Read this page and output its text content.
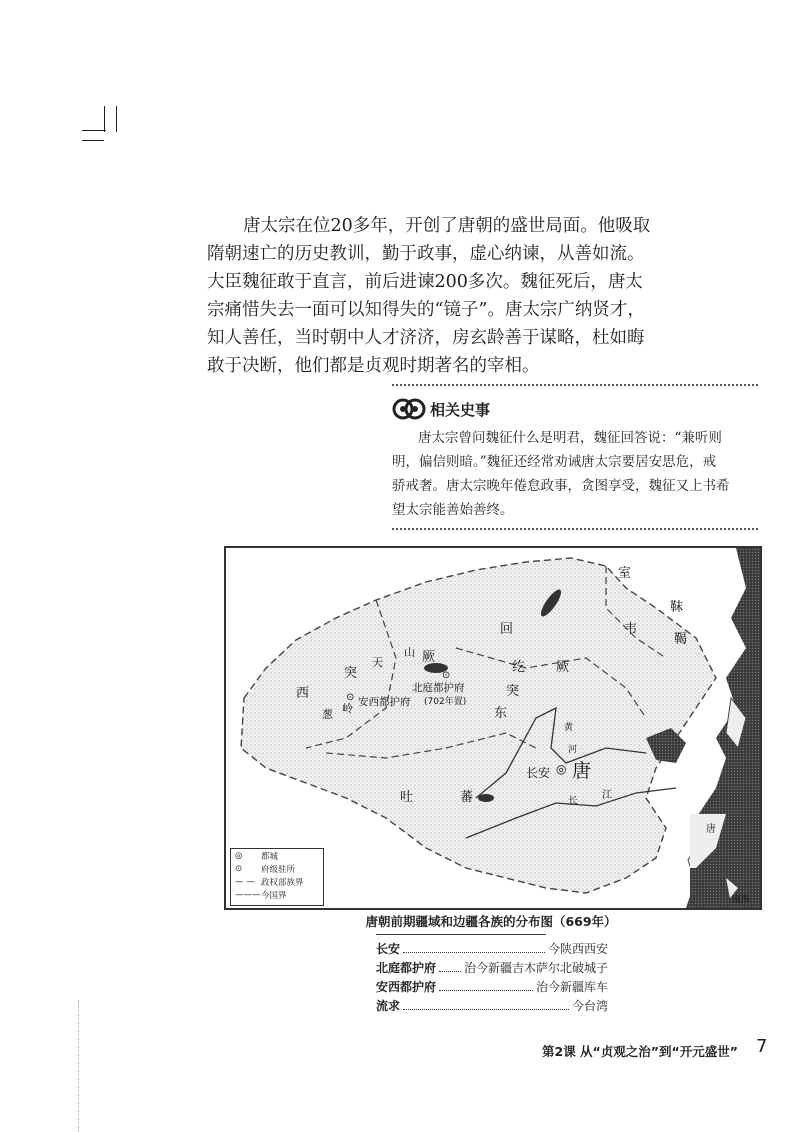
唐太宗在位20多年，开创了唐朝的盛世局面。他吸取
隋朝速亡的历史教训，勤于政事，虚心纳谏，从善如流。
大臣魏征敢于直言，前后进谏200多次。魏征死后，唐太
宗痛惜失去一面可以知得失的“镜子”。唐太宗广纳贤才，
知人善任，当时朝中人才济济，房玄龄善于谋略，杜如晦
敢于决断，他们都是贞观时期著名的宰相。
相关史事
唐太宗曾问魏征什么是明君，魏征回答说：“兼听则
明，偏信则暗。”魏征还经常劝诫唐太宗要居安思危，戒
骄戒奢。唐太宗晚年倦怠政事，贪图享受，魏征又上书希
望太宗能善始善终。
室
靺
韦
鞨
回
纥
突
厥
东
突
天
山 厥
西
葱 岭
北庭都护府
(702年置)
安西都护府
吐	蕃
长安 ◎ 唐
⊙
⊙
黄
河
长
江
唐
南海
◎	都城
⊙	府级驻所
— — 政权部族界
——— 今国界
唐朝前期疆域和边疆各族的分布图（669年）
长安	今陕西西安
北庭都护府 治今新疆吉木萨尔北破城子
安西都护府	治今新疆库车
流求	今台湾
第2课 从“贞观之治”到“开元盛世” 7
